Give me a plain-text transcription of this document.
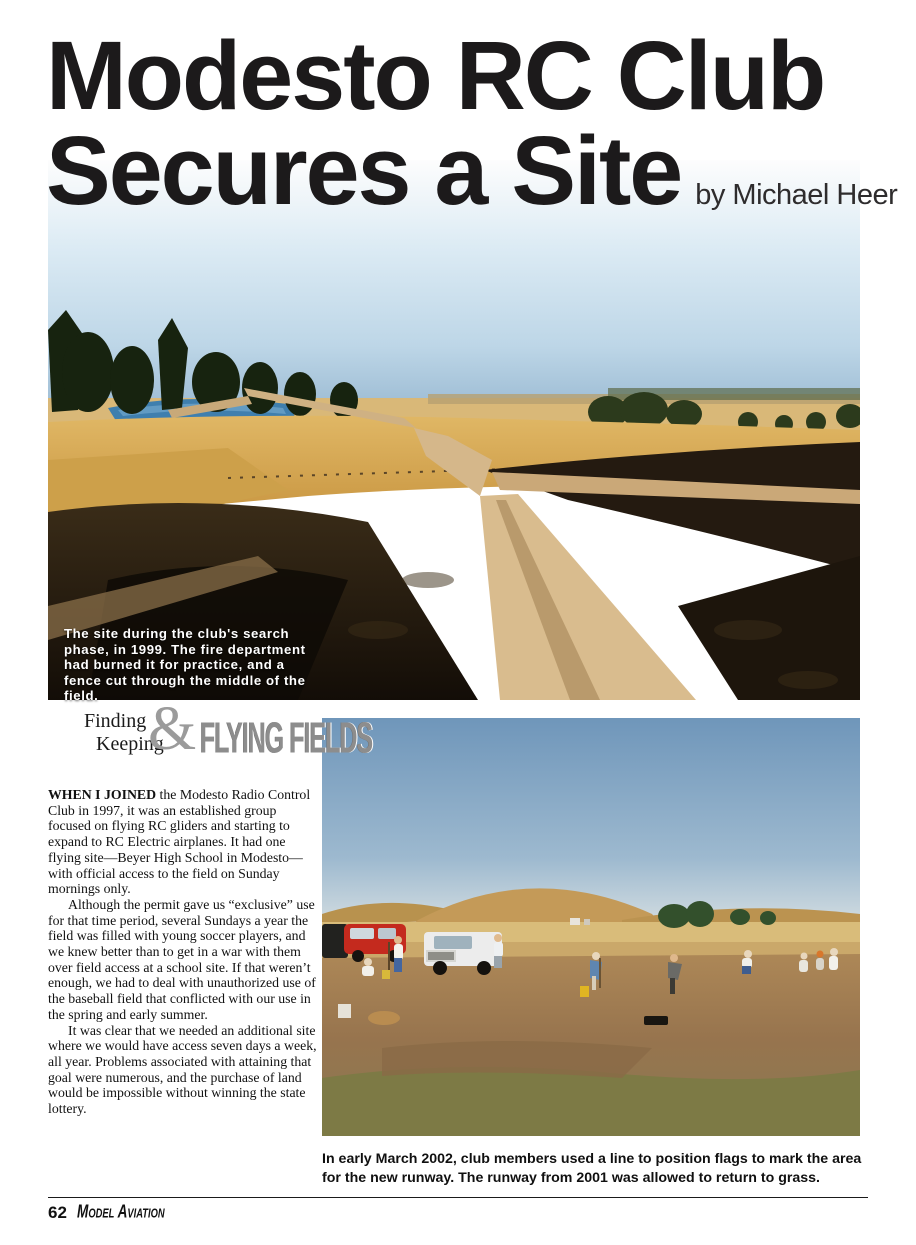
Modesto RC Club
Secures a Site by Michael Heer
The site during the club's search phase, in 1999. The fire department had burned it for practice, and a fence cut through the middle of the field.
Finding
Keeping
& FLYING FIELDS

WHEN I JOINED the Modesto Radio Control Club in 1997, it was an established group focused on flying RC gliders and starting to expand to RC Electric airplanes. It had one flying site—Beyer High School in Modesto—with official access to the field on Sunday mornings only.

Although the permit gave us “exclusive” use for that time period, several Sundays a year the field was filled with young soccer players, and we knew better than to get in a war with them over field access at a school site. If that weren’t enough, we had to deal with unauthorized use of the baseball field that conflicted with our use in the spring and early summer.

It was clear that we needed an additional site where we would have access seven days a week, all year. Problems associated with attaining that goal were numerous, and the purchase of land would be impossible without winning the state lottery.

In early March 2002, club members used a line to position flags to mark the area for the new runway. The runway from 2001 was allowed to return to grass.
62 Model Aviation
